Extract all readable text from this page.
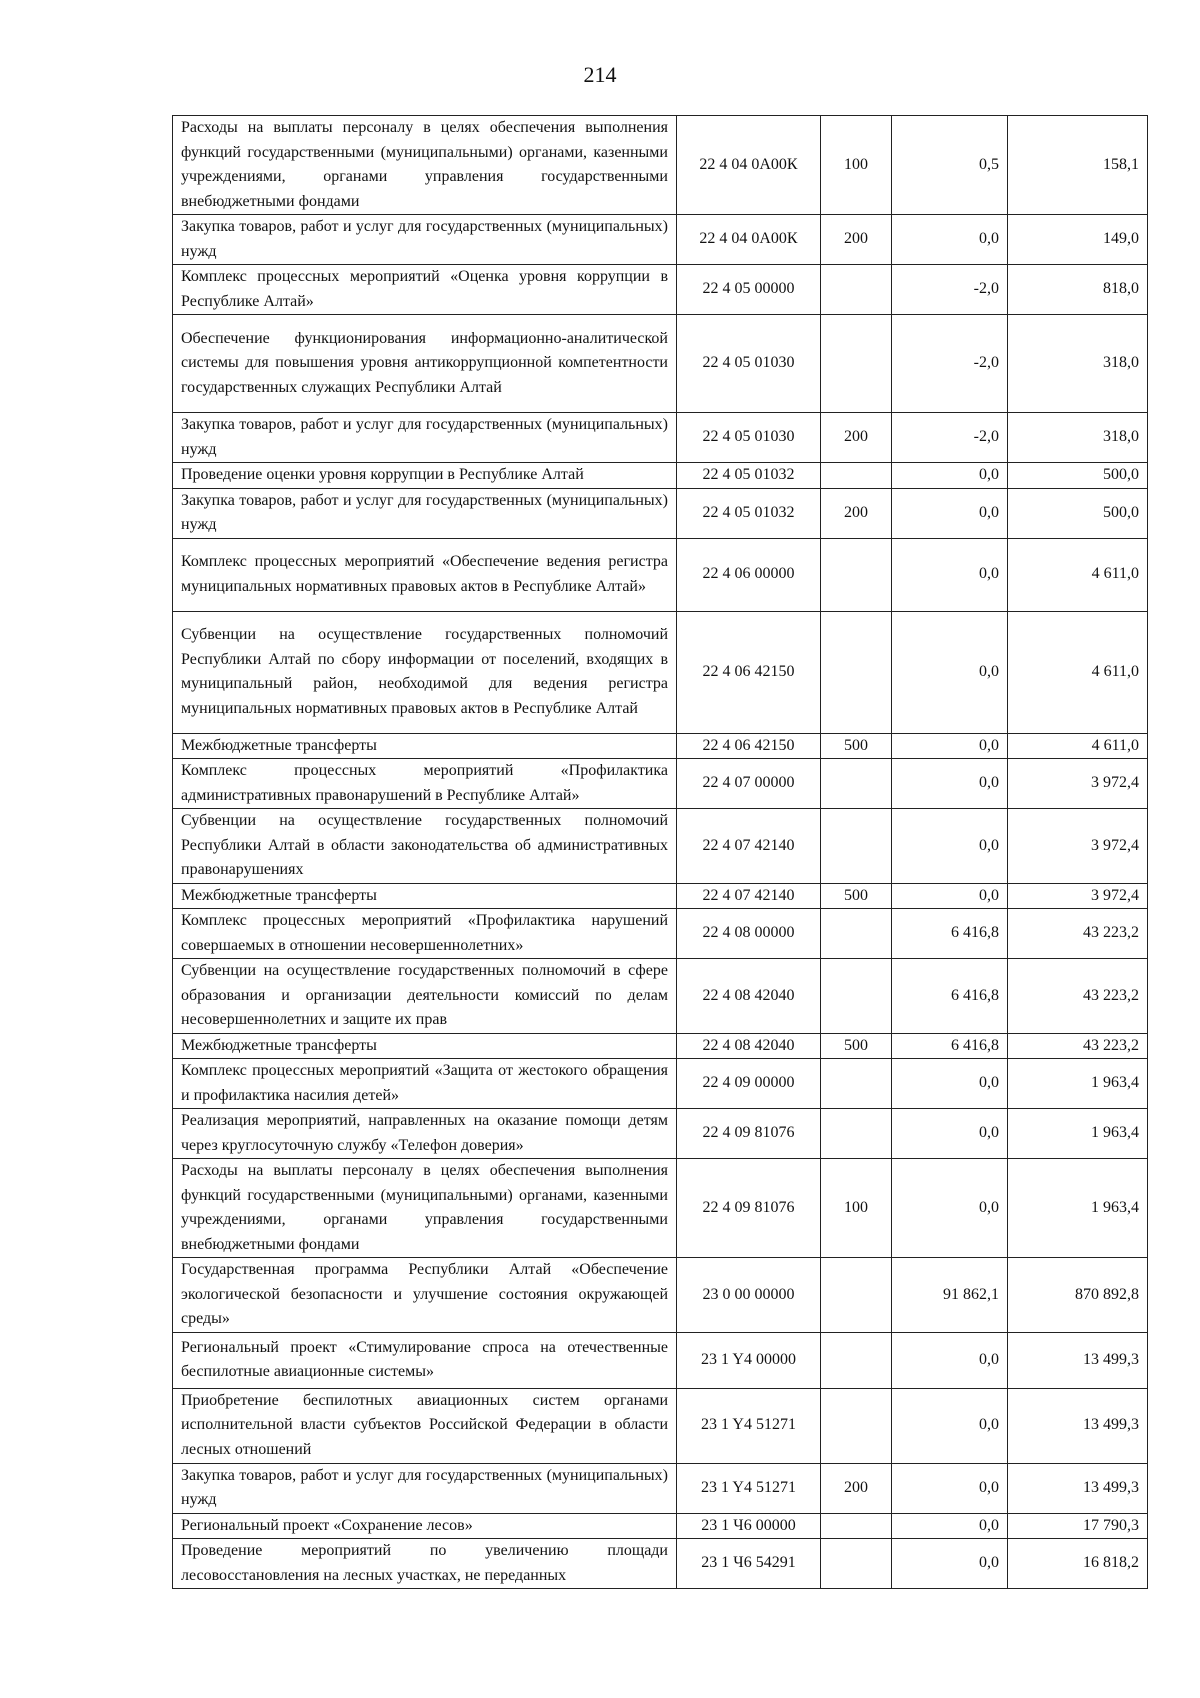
214
Расходы на выплаты персоналу в целях обеспечения выполнения функций государственными (муниципальными) органами, казенными учреждениями, органами управления государственными внебюджетными фондами	22 4 04 0А00К	100	0,5	158,1
Закупка товаров, работ и услуг для государственных (муниципальных) нужд	22 4 04 0А00К	200	0,0	149,0
Комплекс процессных мероприятий «Оценка уровня коррупции в Республике Алтай»	22 4 05 00000		-2,0	818,0
Обеспечение функционирования информационно-аналитической системы для повышения уровня антикоррупционной компетентности государственных служащих Республики Алтай	22 4 05 01030		-2,0	318,0
Закупка товаров, работ и услуг для государственных (муниципальных) нужд	22 4 05 01030	200	-2,0	318,0
Проведение оценки уровня коррупции в Республике Алтай	22 4 05 01032		0,0	500,0
Закупка товаров, работ и услуг для государственных (муниципальных) нужд	22 4 05 01032	200	0,0	500,0
Комплекс процессных мероприятий «Обеспечение ведения регистра муниципальных нормативных правовых актов в Республике Алтай»	22 4 06 00000		0,0	4 611,0
Субвенции на осуществление государственных полномочий Республики Алтай по сбору информации от поселений, входящих в муниципальный район, необходимой для ведения регистра муниципальных нормативных правовых актов в Республике Алтай	22 4 06 42150		0,0	4 611,0
Межбюджетные трансферты	22 4 06 42150	500	0,0	4 611,0
Комплекс процессных мероприятий «Профилактика административных правонарушений в Республике Алтай»	22 4 07 00000		0,0	3 972,4
Субвенции на осуществление государственных полномочий Республики Алтай в области законодательства об административных правонарушениях	22 4 07 42140		0,0	3 972,4
Межбюджетные трансферты	22 4 07 42140	500	0,0	3 972,4
Комплекс процессных мероприятий «Профилактика нарушений совершаемых в отношении несовершеннолетних»	22 4 08 00000		6 416,8	43 223,2
Субвенции на осуществление государственных полномочий в сфере образования и организации деятельности комиссий по делам несовершеннолетних и защите их прав	22 4 08 42040		6 416,8	43 223,2
Межбюджетные трансферты	22 4 08 42040	500	6 416,8	43 223,2
Комплекс процессных мероприятий «Защита от жестокого обращения и профилактика насилия детей»	22 4 09 00000		0,0	1 963,4
Реализация мероприятий, направленных на оказание помощи детям через круглосуточную службу «Телефон доверия»	22 4 09 81076		0,0	1 963,4
Расходы на выплаты персоналу в целях обеспечения выполнения функций государственными (муниципальными) органами, казенными учреждениями, органами управления государственными внебюджетными фондами	22 4 09 81076	100	0,0	1 963,4
Государственная программа Республики Алтай «Обеспечение экологической безопасности и улучшение состояния окружающей среды»	23 0 00 00000		91 862,1	870 892,8
Региональный проект «Стимулирование спроса на отечественные беспилотные авиационные системы»	23 1 Y4 00000		0,0	13 499,3
Приобретение беспилотных авиационных систем органами исполнительной власти субъектов Российской Федерации в области лесных отношений	23 1 Y4 51271		0,0	13 499,3
Закупка товаров, работ и услуг для государственных (муниципальных) нужд	23 1 Y4 51271	200	0,0	13 499,3
Региональный проект «Сохранение лесов»	23 1 Ч6 00000		0,0	17 790,3
Проведение мероприятий по увеличению площади лесовосстановления на лесных участках, не переданных	23 1 Ч6 54291		0,0	16 818,2
